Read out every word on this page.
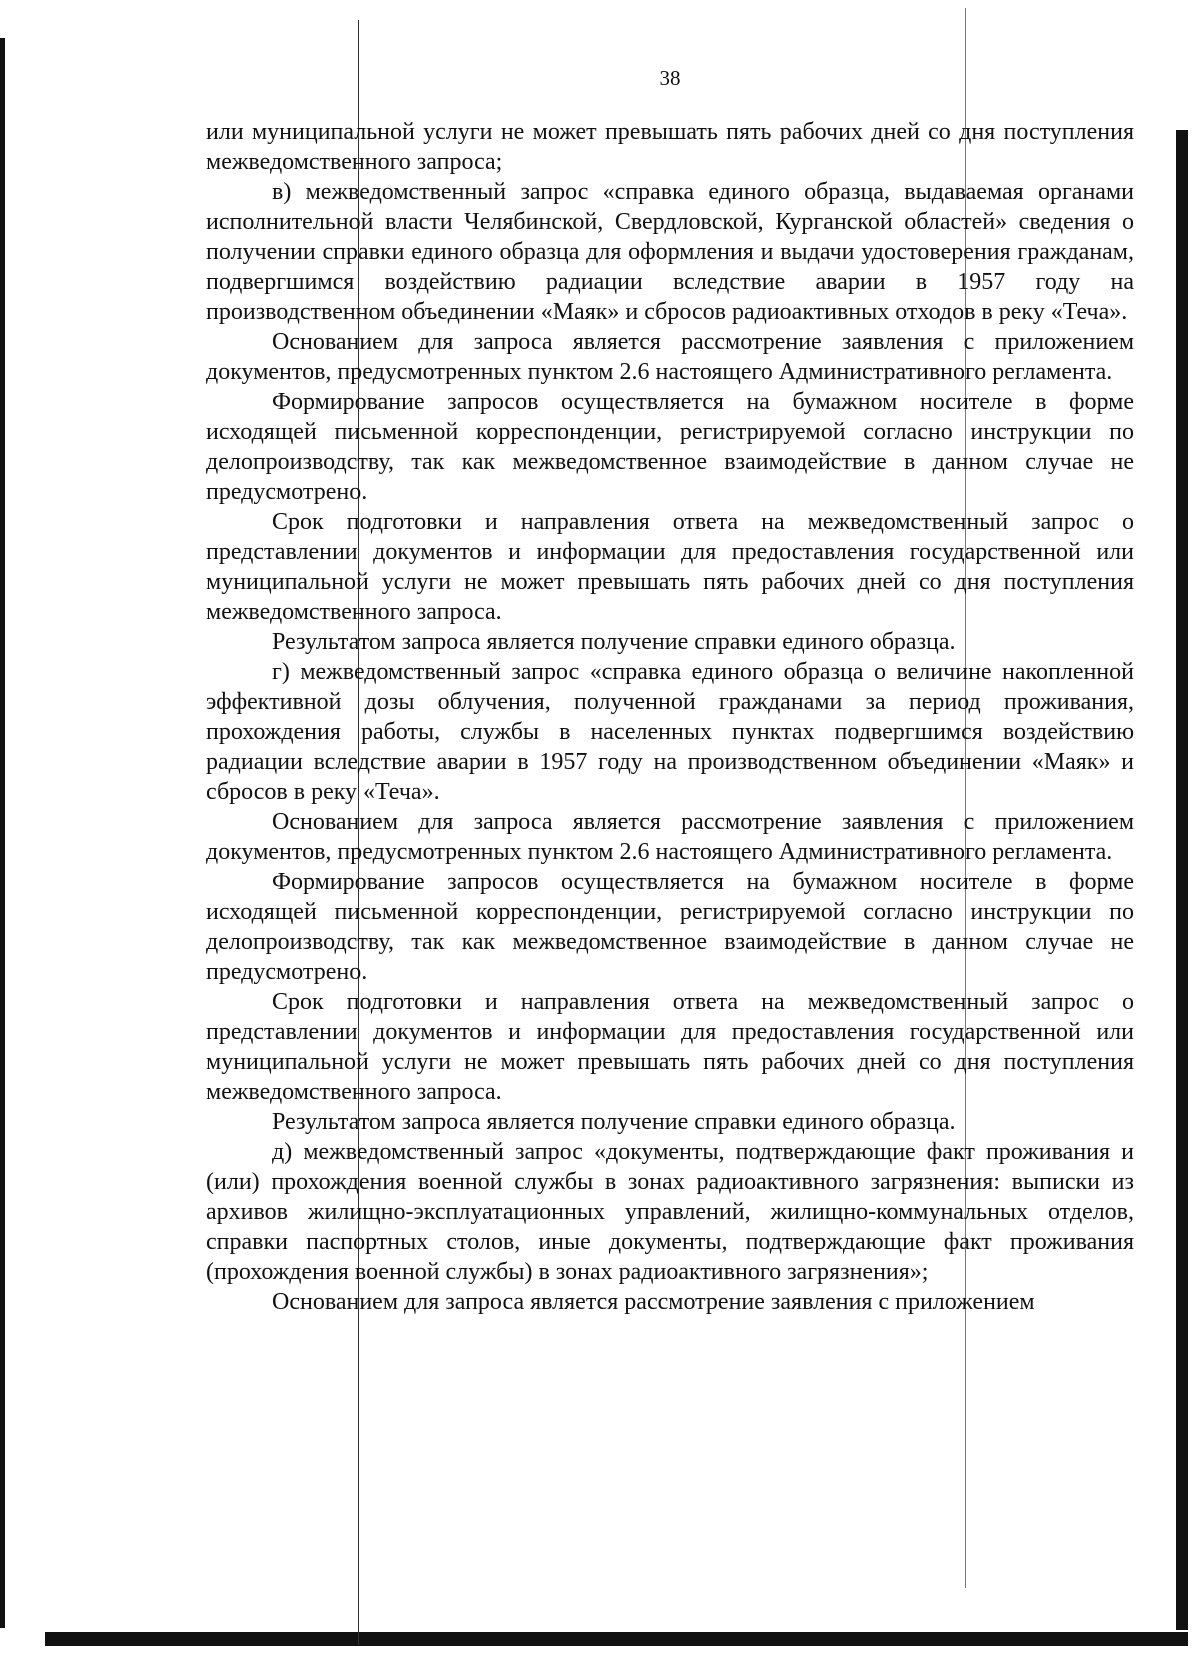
38

или муниципальной услуги не может превышать пять рабочих дней со дня поступления межведомственного запроса;

в) межведомственный запрос «справка единого образца, выдаваемая органами исполнительной власти Челябинской, Свердловской, Курганской областей» сведения о получении справки единого образца для оформления и выдачи удостоверения гражданам, подвергшимся воздействию радиации вследствие аварии в 1957 году на производственном объединении «Маяк» и сбросов радиоактивных отходов в реку «Теча».

Основанием для запроса является рассмотрение заявления с приложением документов, предусмотренных пунктом 2.6 настоящего Административного регламента.

Формирование запросов осуществляется на бумажном носителе в форме исходящей письменной корреспонденции, регистрируемой согласно инструкции по делопроизводству, так как межведомственное взаимодействие в данном случае не предусмотрено.

Срок подготовки и направления ответа на межведомственный запрос о представлении документов и информации для предоставления государственной или муниципальной услуги не может превышать пять рабочих дней со дня поступления межведомственного запроса.

Результатом запроса является получение справки единого образца.

г) межведомственный запрос «справка единого образца о величине накопленной эффективной дозы облучения, полученной гражданами за период проживания, прохождения работы, службы в населенных пунктах подвергшимся воздействию радиации вследствие аварии в 1957 году на производственном объединении «Маяк» и сбросов в реку «Теча».

Основанием для запроса является рассмотрение заявления с приложением документов, предусмотренных пунктом 2.6 настоящего Административного регламента.

Формирование запросов осуществляется на бумажном носителе в форме исходящей письменной корреспонденции, регистрируемой согласно инструкции по делопроизводству, так как межведомственное взаимодействие в данном случае не предусмотрено.

Срок подготовки и направления ответа на межведомственный запрос о представлении документов и информации для предоставления государственной или муниципальной услуги не может превышать пять рабочих дней со дня поступления межведомственного запроса.

Результатом запроса является получение справки единого образца.

д) межведомственный запрос «документы, подтверждающие факт проживания и (или) прохождения военной службы в зонах радиоактивного загрязнения: выписки из архивов жилищно-эксплуатационных управлений, жилищно-коммунальных отделов, справки паспортных столов, иные документы, подтверждающие факт проживания (прохождения военной службы) в зонах радиоактивного загрязнения»;

Основанием для запроса является рассмотрение заявления с приложением
